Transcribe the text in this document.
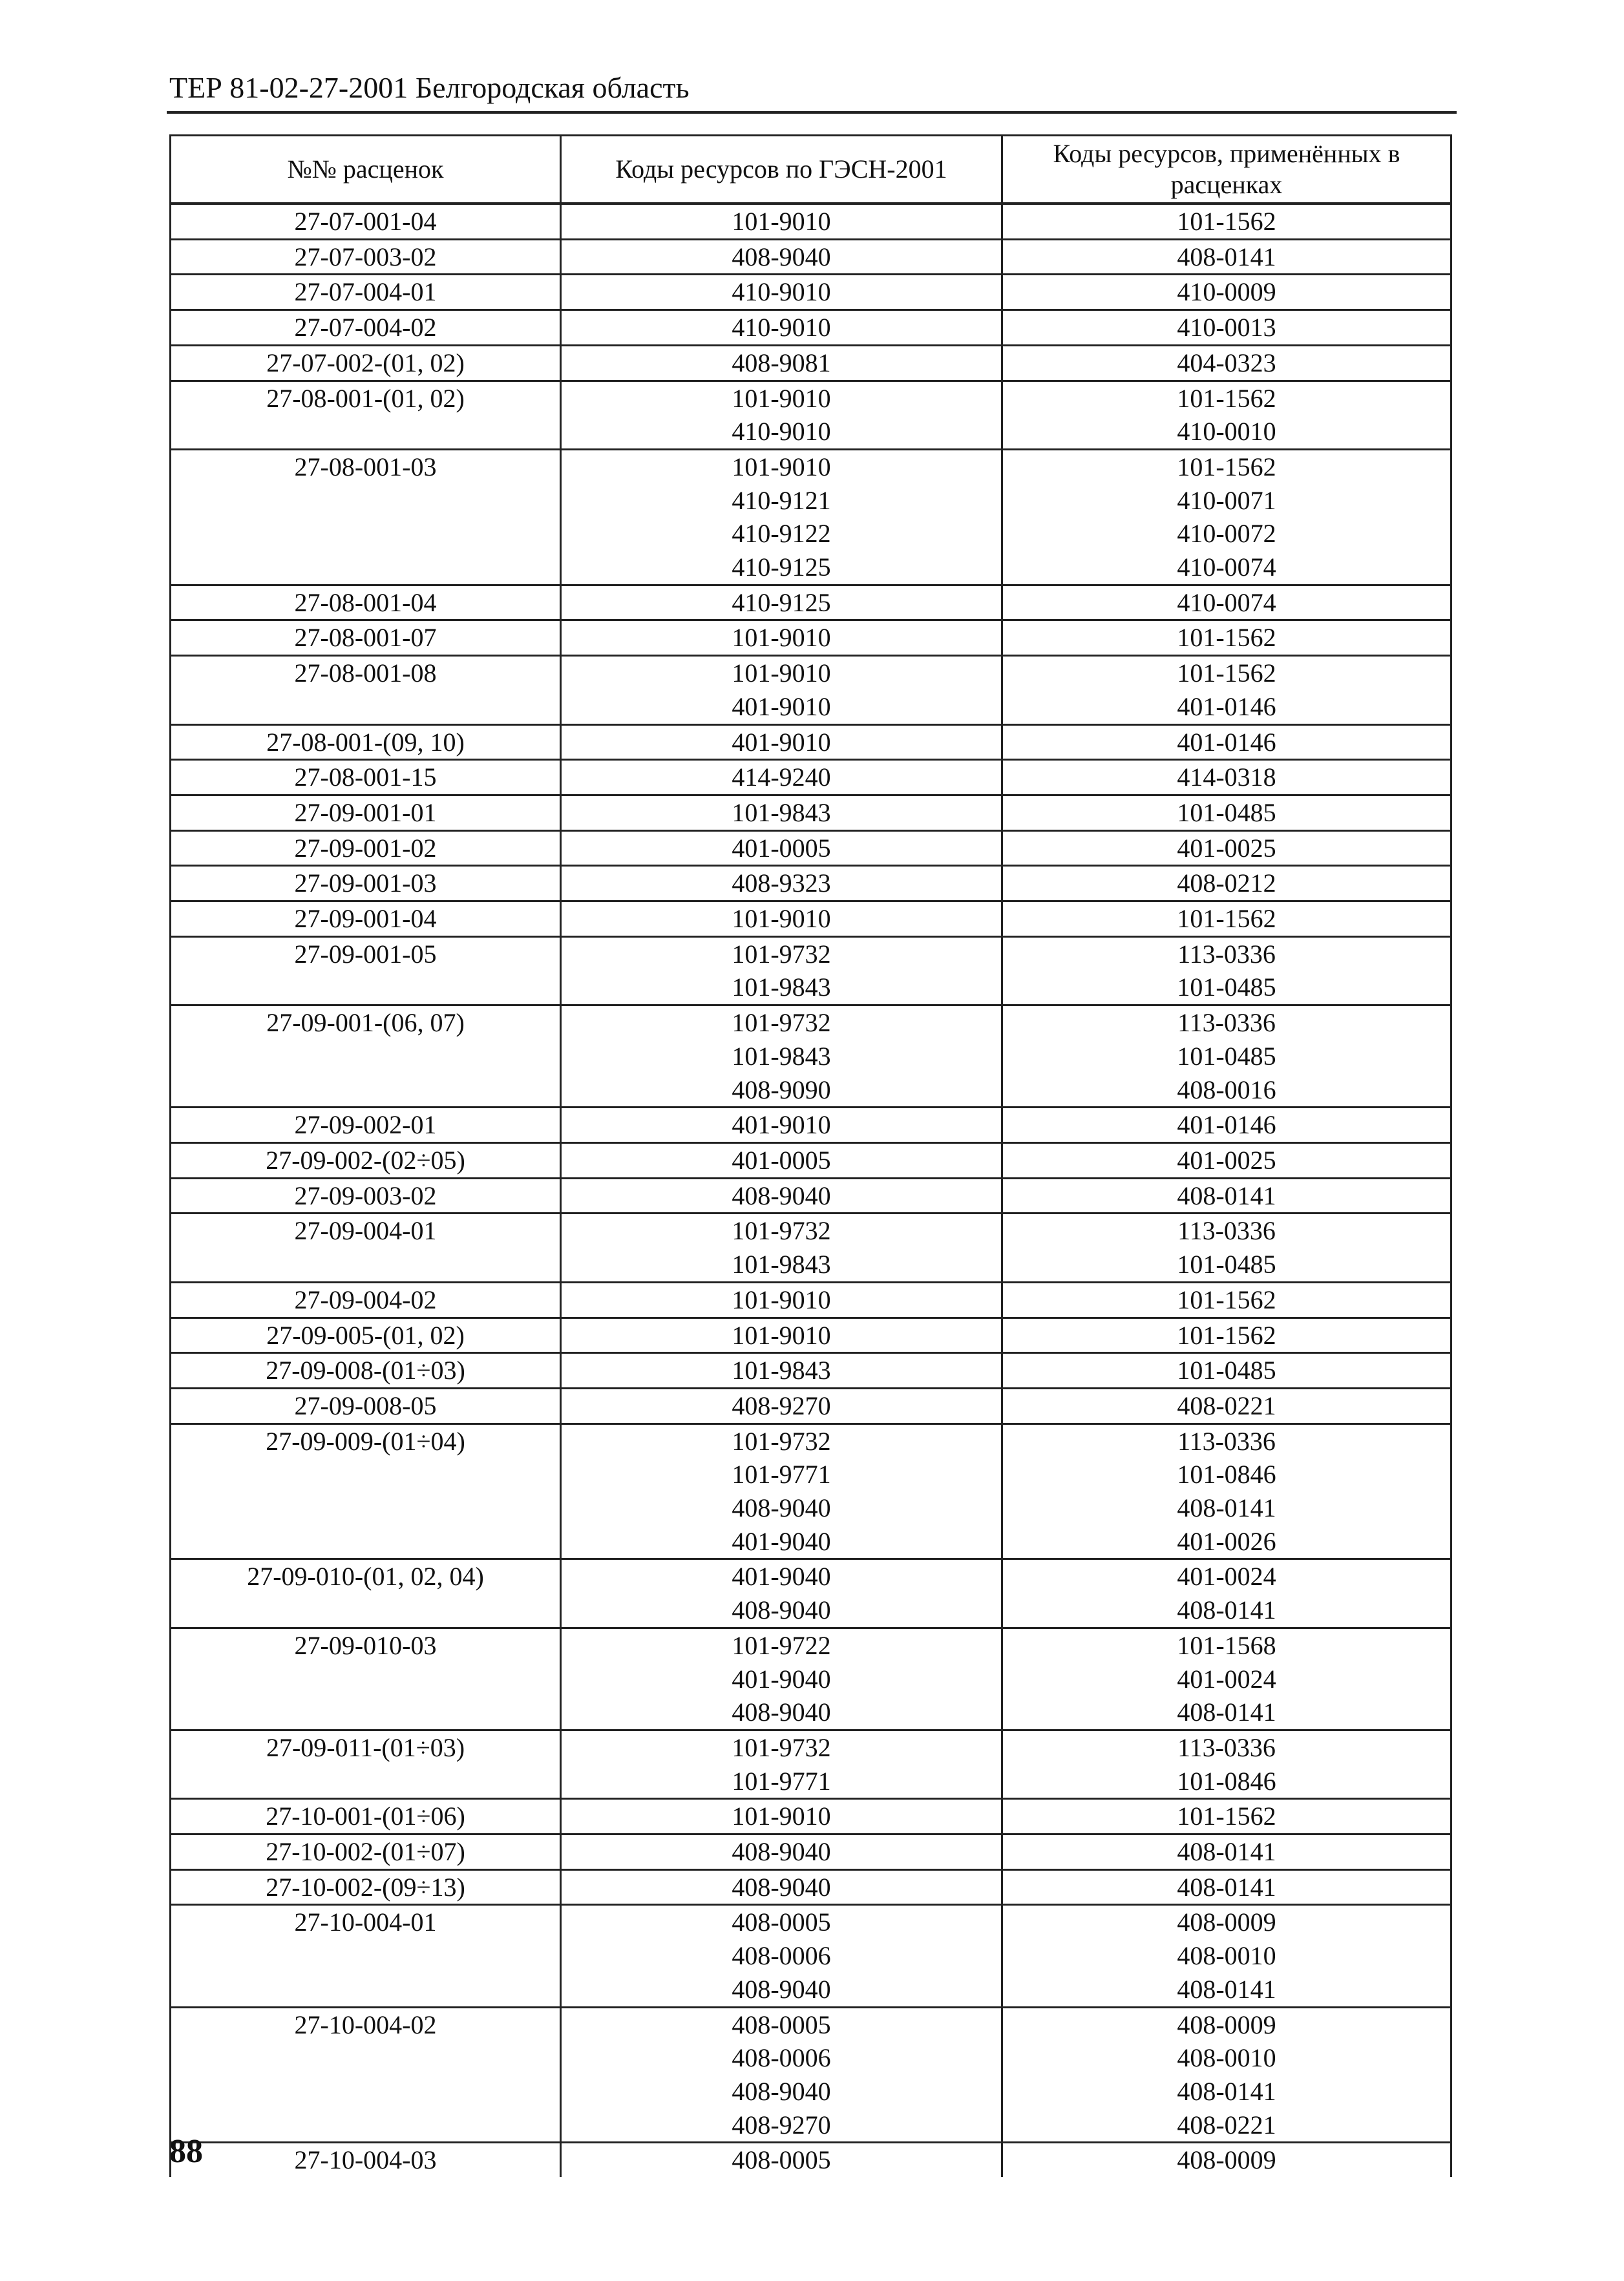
ТЕР 81-02-27-2001 Белгородская область
№№ расценок	Коды ресурсов по ГЭСН-2001	Коды ресурсов, применённых в расценках
27-07-001-04	101-9010	101-1562
27-07-003-02	408-9040	408-0141
27-07-004-01	410-9010	410-0009
27-07-004-02	410-9010	410-0013
27-07-002-(01, 02)	408-9081	404-0323
27-08-001-(01, 02)	101-9010	101-1562
	410-9010	410-0010
27-08-001-03	101-9010	101-1562
	410-9121	410-0071
	410-9122	410-0072
	410-9125	410-0074
27-08-001-04	410-9125	410-0074
27-08-001-07	101-9010	101-1562
27-08-001-08	101-9010	101-1562
	401-9010	401-0146
27-08-001-(09, 10)	401-9010	401-0146
27-08-001-15	414-9240	414-0318
27-09-001-01	101-9843	101-0485
27-09-001-02	401-0005	401-0025
27-09-001-03	408-9323	408-0212
27-09-001-04	101-9010	101-1562
27-09-001-05	101-9732	113-0336
	101-9843	101-0485
27-09-001-(06, 07)	101-9732	113-0336
	101-9843	101-0485
	408-9090	408-0016
27-09-002-01	401-9010	401-0146
27-09-002-(02÷05)	401-0005	401-0025
27-09-003-02	408-9040	408-0141
27-09-004-01	101-9732	113-0336
	101-9843	101-0485
27-09-004-02	101-9010	101-1562
27-09-005-(01, 02)	101-9010	101-1562
27-09-008-(01÷03)	101-9843	101-0485
27-09-008-05	408-9270	408-0221
27-09-009-(01÷04)	101-9732	113-0336
	101-9771	101-0846
	408-9040	408-0141
	401-9040	401-0026
27-09-010-(01, 02, 04)	401-9040	401-0024
	408-9040	408-0141
27-09-010-03	101-9722	101-1568
	401-9040	401-0024
	408-9040	408-0141
27-09-011-(01÷03)	101-9732	113-0336
	101-9771	101-0846
27-10-001-(01÷06)	101-9010	101-1562
27-10-002-(01÷07)	408-9040	408-0141
27-10-002-(09÷13)	408-9040	408-0141
27-10-004-01	408-0005	408-0009
	408-0006	408-0010
	408-9040	408-0141
27-10-004-02	408-0005	408-0009
	408-0006	408-0010
	408-9040	408-0141
	408-9270	408-0221
27-10-004-03	408-0005	408-0009
88
